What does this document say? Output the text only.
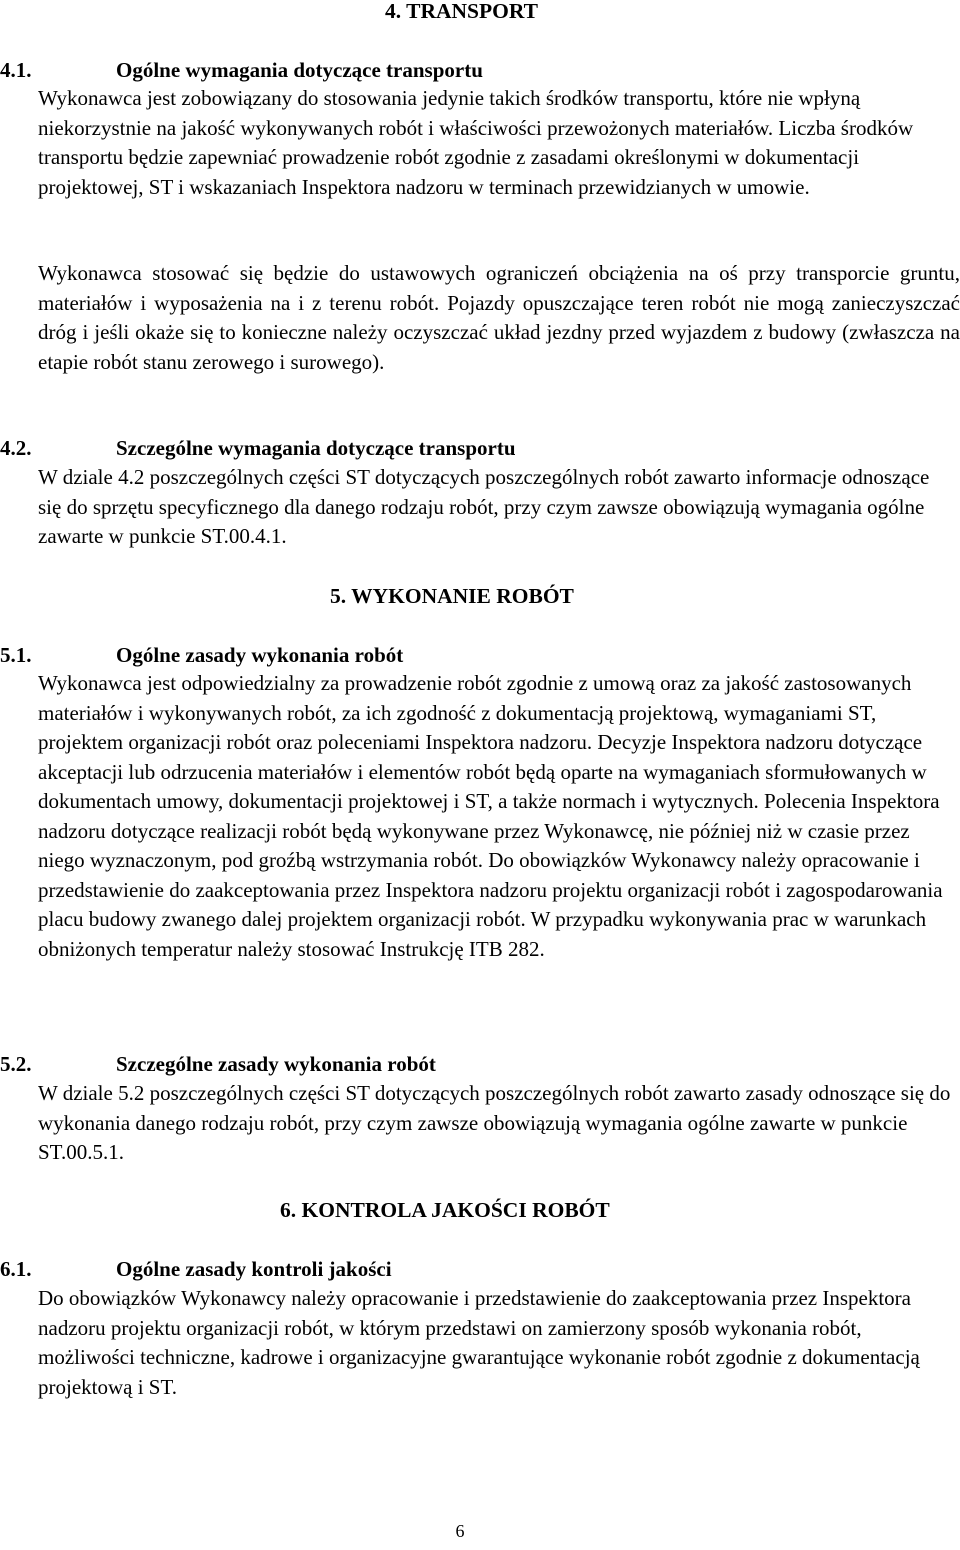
4. TRANSPORT
4.1.	Ogólne wymagania dotyczące transportu

Wykonawca jest zobowiązany do stosowania jedynie takich środków transportu, które nie wpłyną niekorzystnie na jakość wykonywanych robót i właściwości przewożonych materiałów. Liczba środków transportu będzie zapewniać prowadzenie robót zgodnie z zasadami określonymi w dokumentacji projektowej, ST i wskazaniach Inspektora nadzoru w terminach przewidzianych w umowie.

Wykonawca stosować się będzie do ustawowych ograniczeń obciążenia na oś przy transporcie gruntu, materiałów i wyposażenia na i z terenu robót. Pojazdy opuszczające teren robót nie mogą zanieczyszczać dróg i jeśli okaże się to konieczne należy oczyszczać układ jezdny przed wyjazdem z budowy (zwłaszcza na etapie robót stanu zerowego i surowego).

4.2.	Szczególne wymagania dotyczące transportu

W dziale 4.2 poszczególnych części ST dotyczących poszczególnych robót zawarto informacje odnoszące się do sprzętu specyficznego dla danego rodzaju robót, przy czym zawsze obowiązują wymagania ogólne zawarte w punkcie ST.00.4.1.

5. WYKONANIE ROBÓT
5.1.	Ogólne zasady wykonania robót

Wykonawca jest odpowiedzialny za prowadzenie robót zgodnie z umową oraz za jakość zastosowanych materiałów i wykonywanych robót, za ich zgodność z dokumentacją projektową, wymaganiami ST, projektem organizacji robót oraz poleceniami Inspektora nadzoru. Decyzje Inspektora nadzoru dotyczące akceptacji lub odrzucenia materiałów i elementów robót będą oparte na wymaganiach sformułowanych w dokumentach umowy, dokumentacji projektowej i ST, a także normach i wytycznych. Polecenia Inspektora nadzoru dotyczące realizacji robót będą wykonywane przez Wykonawcę, nie później niż w czasie przez niego wyznaczonym, pod groźbą wstrzymania robót. Do obowiązków Wykonawcy należy opracowanie i przedstawienie do zaakceptowania przez Inspektora nadzoru projektu organizacji robót i zagospodarowania placu budowy zwanego dalej projektem organizacji robót. W przypadku wykonywania prac w warunkach obniżonych temperatur należy stosować Instrukcję ITB 282.

5.2.	Szczególne zasady wykonania robót

W dziale 5.2 poszczególnych części ST dotyczących poszczególnych robót zawarto zasady odnoszące się do wykonania danego rodzaju robót, przy czym zawsze obowiązują wymagania ogólne zawarte w punkcie ST.00.5.1.

6. KONTROLA JAKOŚCI ROBÓT
6.1.	Ogólne zasady kontroli jakości

Do obowiązków Wykonawcy należy opracowanie i przedstawienie do zaakceptowania przez Inspektora nadzoru projektu organizacji robót, w którym przedstawi on zamierzony sposób wykonania robót, możliwości techniczne, kadrowe i organizacyjne gwarantujące wykonanie robót zgodnie z dokumentacją projektową i ST.

6
